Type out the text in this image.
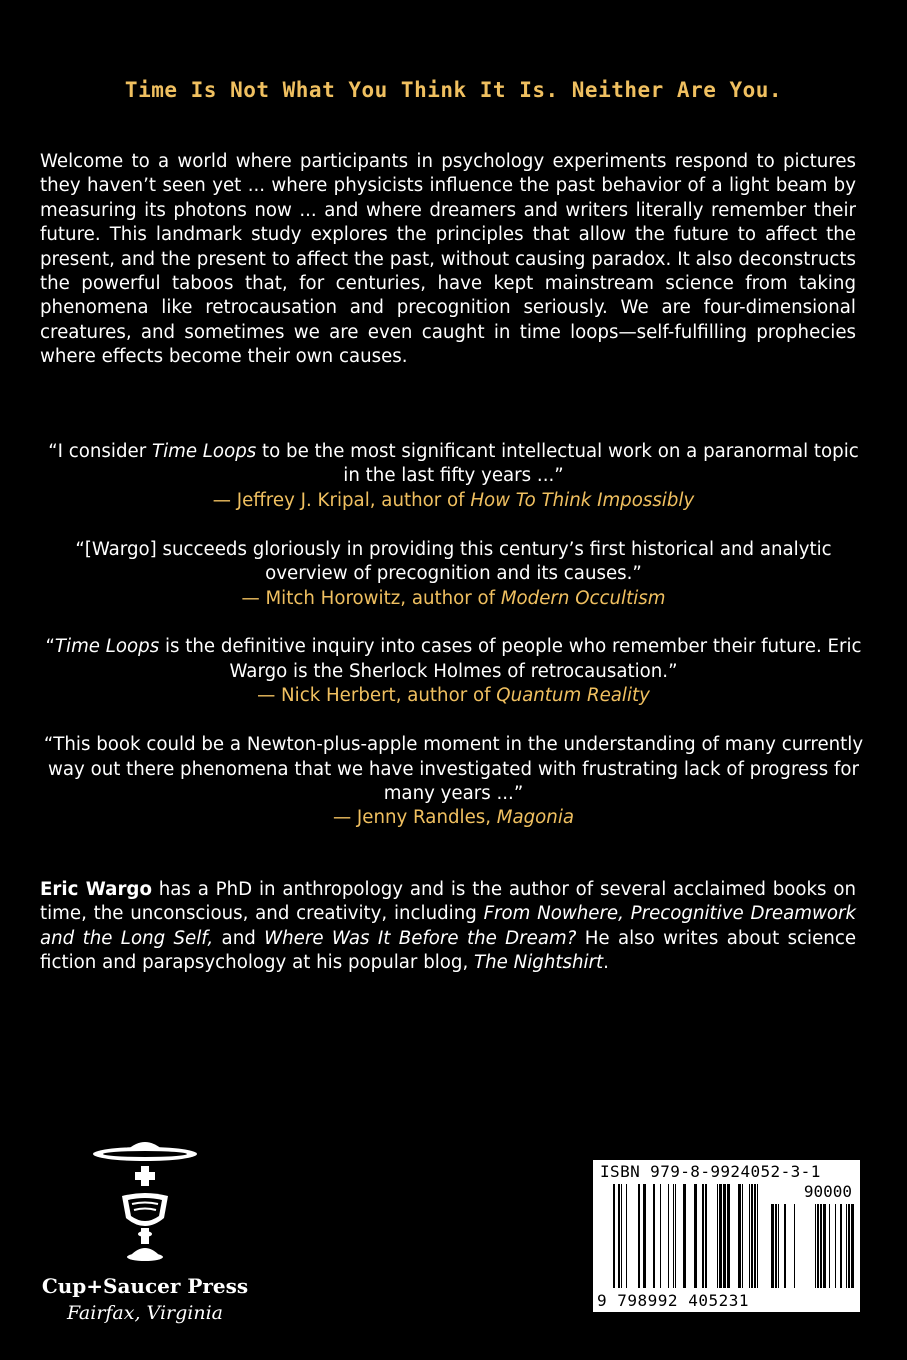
Time Is Not What You Think It Is. Neither Are You.

Welcome to a world where participants in psychology experiments respond to pictures they haven’t seen yet ... where physicists influence the past behavior of a light beam by measuring its photons now ... and where dreamers and writers literally remember their future. This landmark study explores the principles that allow the future to affect the present, and the present to affect the past, without causing paradox. It also deconstructs the powerful taboos that, for centuries, have kept mainstream science from taking phenomena like retrocausation and precognition seriously. We are four-dimensional creatures, and sometimes we are even caught in time loops—self-fulfilling prophecies where effects become their own causes.

“I consider Time Loops to be the most significant intellectual work on a paranormal topic in the last fifty years ...”
— Jeffrey J. Kripal, author of How To Think Impossibly

“[Wargo] succeeds gloriously in providing this century’s first historical and analytic overview of precognition and its causes.”
— Mitch Horowitz, author of Modern Occultism

“Time Loops is the definitive inquiry into cases of people who remember their future. Eric Wargo is the Sherlock Holmes of retrocausation.”
— Nick Herbert, author of Quantum Reality

“This book could be a Newton-plus-apple moment in the understanding of many currently way out there phenomena that we have investigated with frustrating lack of progress for many years ...”
— Jenny Randles, Magonia

Eric Wargo has a PhD in anthropology and is the author of several acclaimed books on time, the unconscious, and creativity, including From Nowhere, Precognitive Dreamwork and the Long Self, and Where Was It Before the Dream? He also writes about science fiction and parapsychology at his popular blog, The Nightshirt.

Cup+Saucer Press
Fairfax, Virginia
ISBN 979-8-9924052-3-1
90000
9 798992 405231
